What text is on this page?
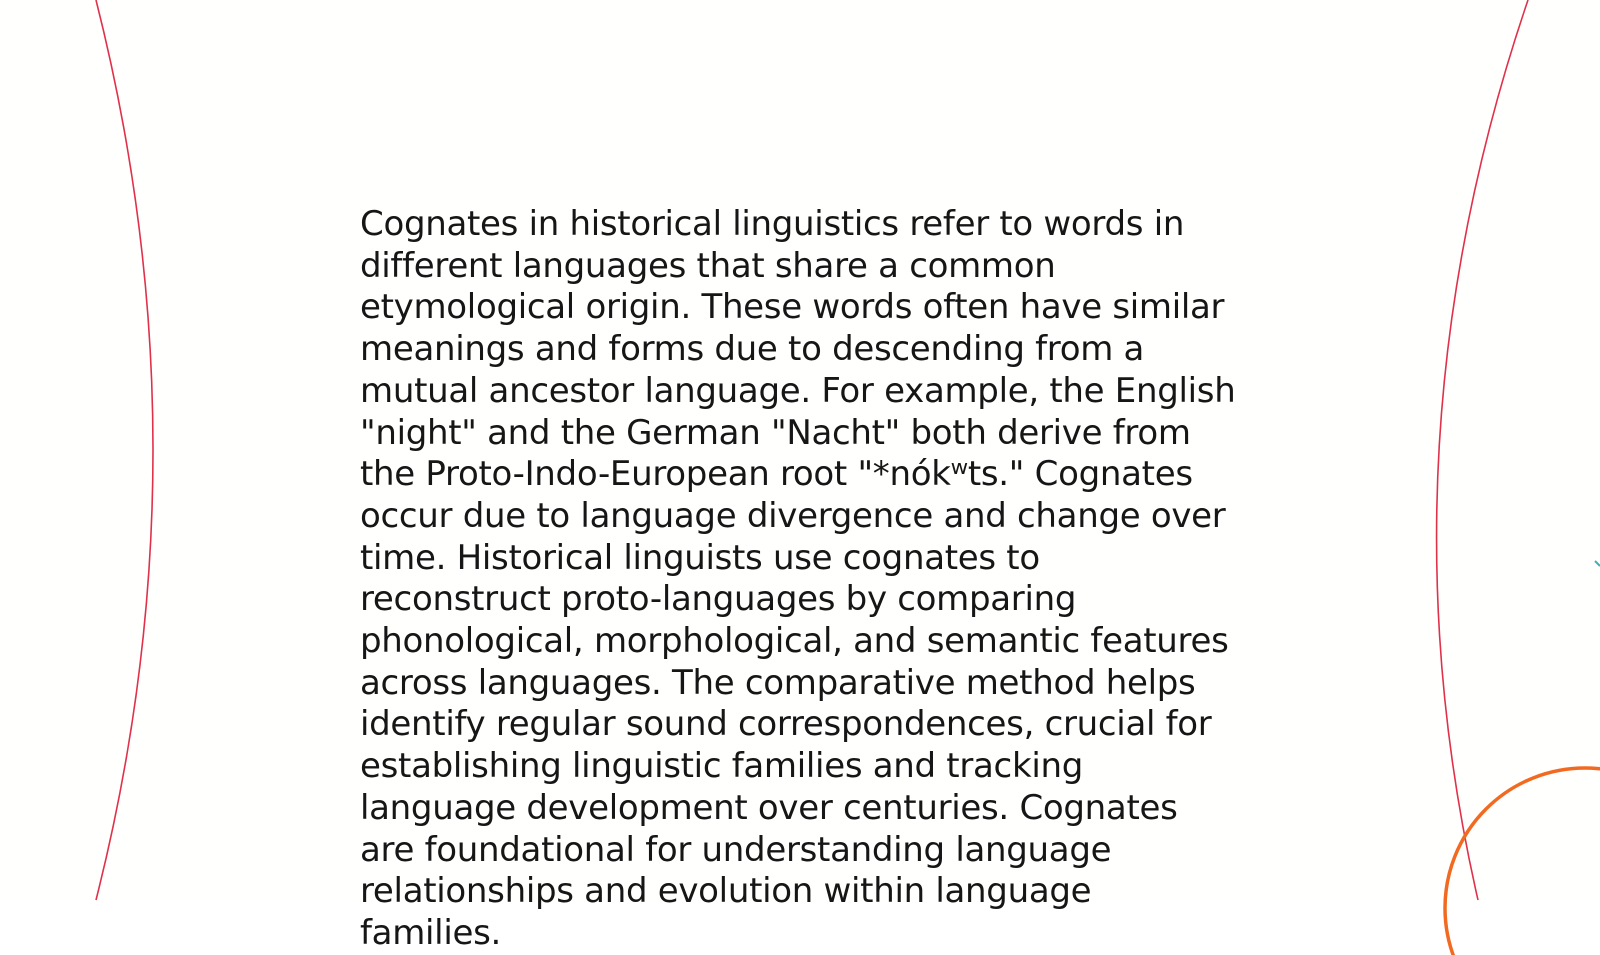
Cognates in historical linguistics refer to words in different languages that share a common etymological origin. These words often have similar meanings and forms due to descending from a mutual ancestor language. For example, the English "night" and the German "Nacht" both derive from the Proto-Indo-European root "*nókʷts." Cognates occur due to language divergence and change over time. Historical linguists use cognates to reconstruct proto-languages by comparing phonological, morphological, and semantic features across languages. The comparative method helps identify regular sound correspondences, crucial for establishing linguistic families and tracking language development over centuries. Cognates are foundational for understanding language relationships and evolution within language families.
